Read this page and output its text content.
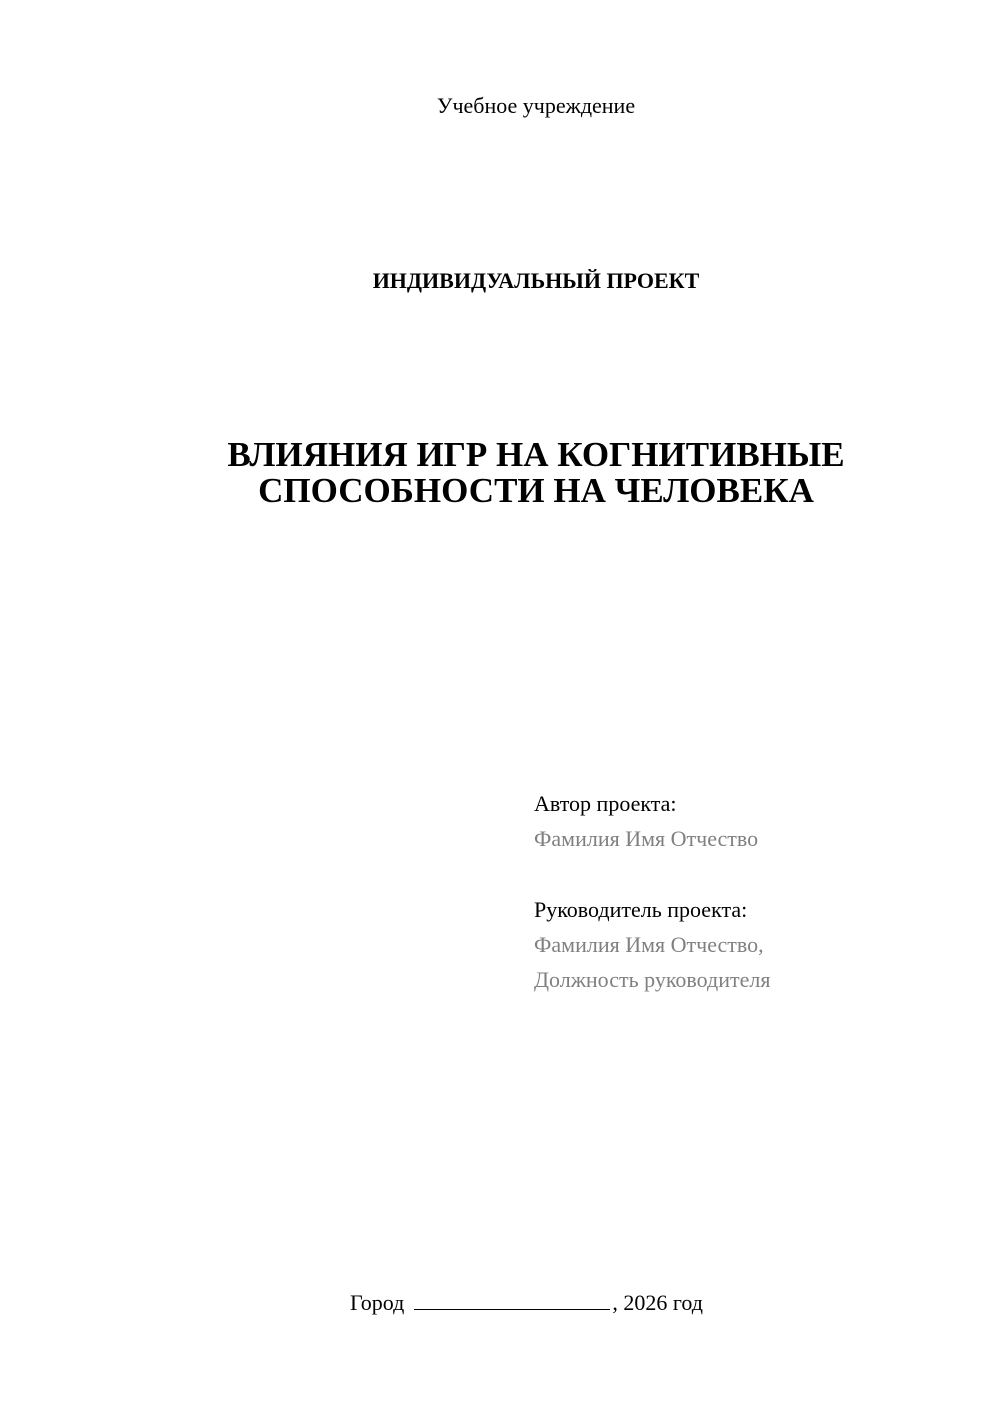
Учебное учреждение
ИНДИВИДУАЛЬНЫЙ ПРОЕКТ
ВЛИЯНИЯ ИГР НА КОГНИТИВНЫЕ
СПОСОБНОСТИ НА ЧЕЛОВЕКА
Автор проекта:
Фамилия Имя Отчество
Руководитель проекта:
Фамилия Имя Отчество,
Должность руководителя
Город	, 2026 год
